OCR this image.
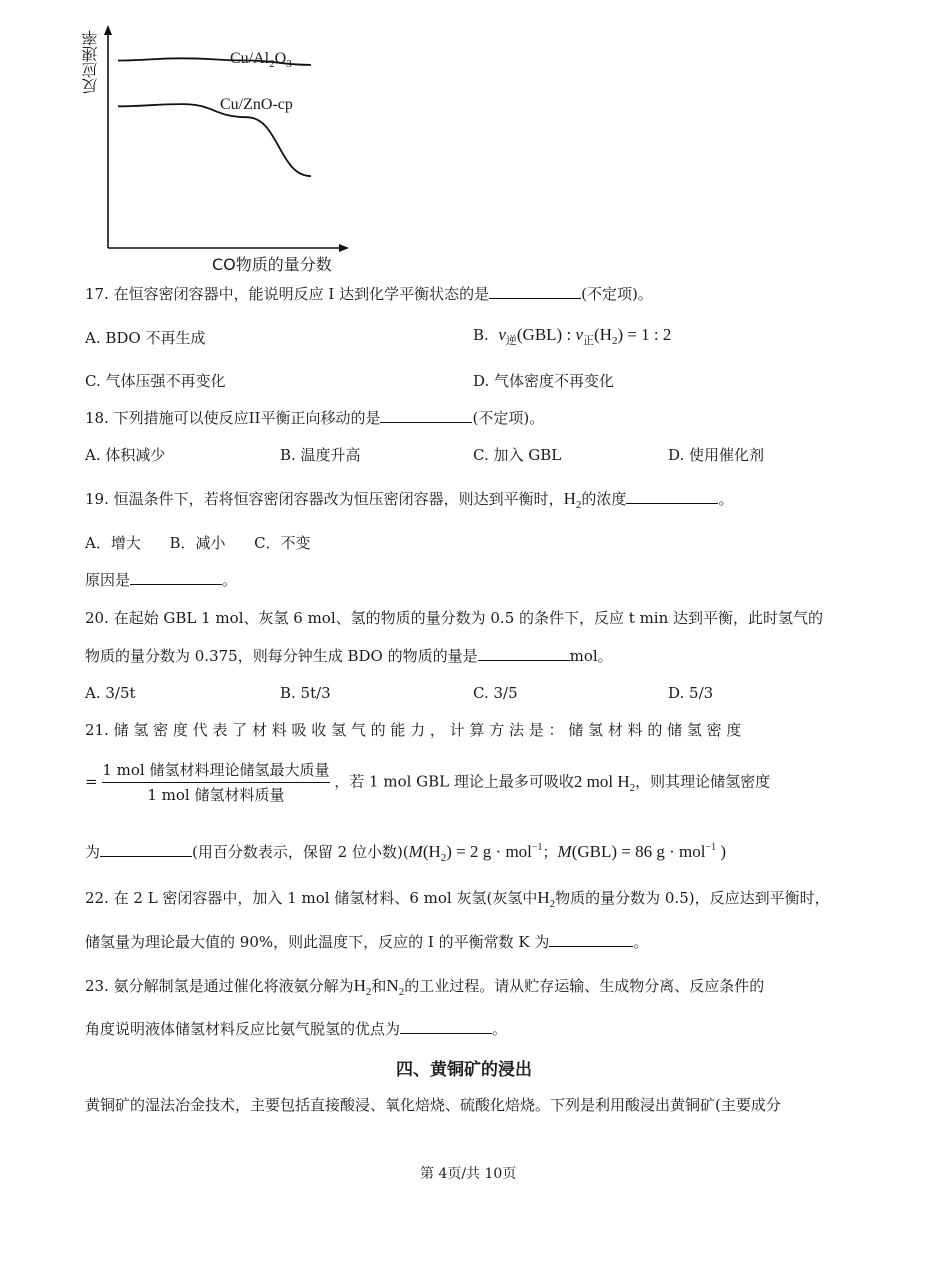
反应速率
CO物质的量分数
$Cu/Al_2O_3$
Cu/ZnO-cp
17. 在恒容密闭容器中，能说明反应 I 达到化学平衡状态的是	(不定项)。
A. BDO 不再生成	B. $v_逆(GBL)$ : $v_正(H_2) = 1$ : 2
C. 气体压强不再变化	D. 气体密度不再变化
18. 下列措施可以使反应II平衡正向移动的是	(不定项)。
A. 体积减少	B. 温度升高	C. 加入 GBL	D. 使用催化剂
19. 恒温条件下，若将恒容密闭容器改为恒压密闭容器，则达到平衡时，$H_2$的浓度	。
A．增大      B．减小      C．不变
原因是	。
20. 在起始 GBL 1 mol、灰氢 6 mol、氢的物质的量分数为 0.5 的条件下，反应 t min 达到平衡，此时氢气的
物质的量分数为 0.375，则每分钟生成 BDO 的物质的量是	mol。
A. 3/5t	B. 5t/3	C. 3/5	D. 5/3
21. 储 氢 密 度 代 表 了 材 料 吸 收 氢 气 的 能 力 ， 计 算 方 法 是 ： 储 氢 材 料 的 储 氢 密 度
= $\frac{\text{1 mol 储氢材料理论储氢最大质量}}{\text{1 mol 储氢材料质量}}$ ，若 1 mol GBL 理论上最多可吸收2 mol $H_2$，则其理论储氢密度
为	(用百分数表示，保留 2 位小数)($M(H_2) = 2$ g · mol$^{-1}$；M(GBL) = 86 g · mol$^{-1}$ )
22. 在 2 L 密闭容器中，加入 1 mol 储氢材料、6 mol 灰氢(灰氢中$H_2$物质的量分数为 0.5)，反应达到平衡时，
储氢量为理论最大值的 90%，则此温度下，反应的 I 的平衡常数 K 为	。
23. 氨分解制氢是通过催化将液氨分解为$H_2$和$N_2$的工业过程。请从贮存运输、生成物分离、反应条件的
角度说明液体储氢材料反应比氨气脱氢的优点为	。
四、黄铜矿的浸出
黄铜矿的湿法冶金技术，主要包括直接酸浸、氧化焙烧、硫酸化焙烧。下列是利用酸浸出黄铜矿(主要成分
第 4页/共 10页
